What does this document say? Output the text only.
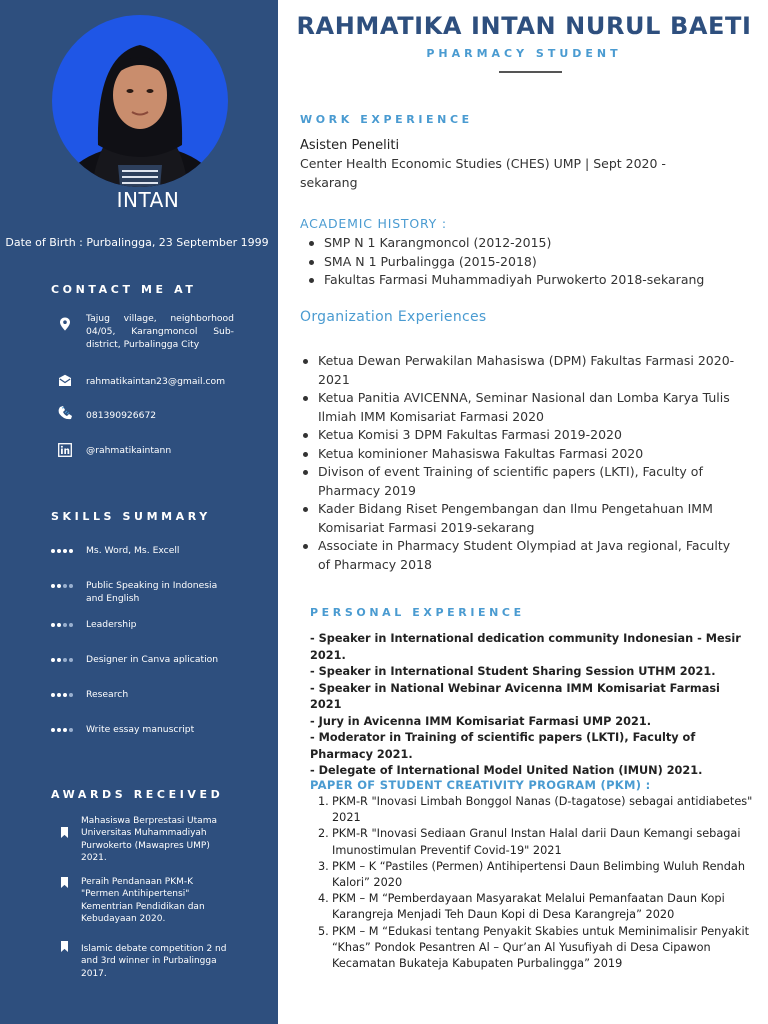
INTAN
Date of Birth : Purbalingga, 23 September 1999
CONTACT ME AT
Tajug village, neighborhood 04/05, Karangmoncol Sub-district, Purbalingga City
rahmatikaintan23@gmail.com
081390926672
@rahmatikaintann
SKILLS SUMMARY
Ms. Word, Ms. Excell
Public Speaking in Indonesia and English
Leadership
Designer in Canva aplication
Research
Write essay manuscript
AWARDS RECEIVED
Mahasiswa Berprestasi Utama Universitas Muhammadiyah Purwokerto (Mawapres UMP) 2021.
Peraih Pendanaan PKM-K "Permen Antihipertensi" Kementrian Pendidikan dan Kebudayaan 2020.
Islamic debate competition 2 nd and 3rd winner in Purbalingga 2017.
RAHMATIKA INTAN NURUL BAETI
PHARMACY STUDENT
WORK EXPERIENCE
Asisten Peneliti
Center Health Economic Studies (CHES) UMP | Sept 2020 - sekarang
ACADEMIC HISTORY :
SMP N 1 Karangmoncol (2012-2015)
SMA N 1 Purbalingga (2015-2018)
Fakultas Farmasi Muhammadiyah Purwokerto 2018-sekarang
Organization Experiences
Ketua Dewan Perwakilan Mahasiswa (DPM) Fakultas Farmasi 2020-2021
Ketua Panitia AVICENNA, Seminar Nasional dan Lomba Karya Tulis Ilmiah IMM Komisariat Farmasi 2020
Ketua Komisi 3 DPM Fakultas Farmasi 2019-2020
Ketua kominioner Mahasiswa Fakultas Farmasi 2020
Divison of event Training of scientific papers (LKTI), Faculty of Pharmacy 2019
Kader Bidang Riset Pengembangan dan Ilmu Pengetahuan IMM Komisariat Farmasi 2019-sekarang
Associate in Pharmacy Student Olympiad at Java regional, Faculty of Pharmacy 2018
PERSONAL EXPERIENCE
- Speaker in International dedication community Indonesian - Mesir 2021.
- Speaker in International Student Sharing Session UTHM 2021.
- Speaker in National Webinar Avicenna IMM Komisariat Farmasi 2021
- Jury in Avicenna IMM Komisariat Farmasi UMP 2021.
- Moderator in Training of scientific papers (LKTI), Faculty of Pharmacy 2021.
- Delegate of International Model United Nation (IMUN) 2021.
PAPER OF STUDENT CREATIVITY PROGRAM (PKM) :
1. PKM-R "Inovasi Limbah Bonggol Nanas (D-tagatose) sebagai antidiabetes" 2021
2. PKM-R "Inovasi Sediaan Granul Instan Halal darii Daun Kemangi sebagai Imunostimulan Preventif Covid-19" 2021
3. PKM – K “Pastiles (Permen) Antihipertensi Daun Belimbing Wuluh Rendah Kalori” 2020
4. PKM – M “Pemberdayaan Masyarakat Melalui Pemanfaatan Daun Kopi Karangreja Menjadi Teh Daun Kopi di Desa Karangreja” 2020
5. PKM – M “Edukasi tentang Penyakit Skabies untuk Meminimalisir Penyakit “Khas” Pondok Pesantren Al – Qur’an Al Yusufiyah di Desa Cipawon Kecamatan Bukateja Kabupaten Purbalingga” 2019
